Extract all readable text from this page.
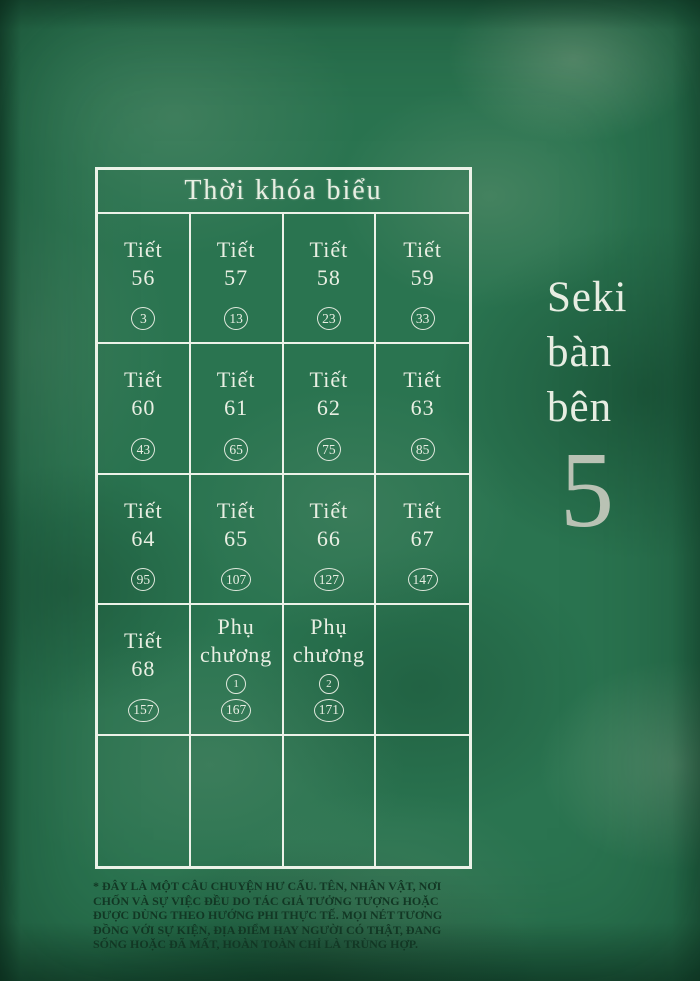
Thời khóa biểu
Tiết
56
3
Tiết
57
13
Tiết
58
23
Tiết
59
33
Tiết
60
43
Tiết
61
65
Tiết
62
75
Tiết
63
85
Tiết
64
95
Tiết
65
107
Tiết
66
127
Tiết
67
147
Tiết
68
157
Phụ
chương
1
167
Phụ
chương
2
171
Seki
bàn
bên
5
* ĐÂY LÀ MỘT CÂU CHUYỆN HƯ CẤU. TÊN, NHÂN VẬT, NƠI CHỐN VÀ SỰ VIỆC ĐỀU DO TÁC GIẢ TƯỞNG TƯỢNG HOẶC ĐƯỢC DÙNG THEO HƯỚNG PHI THỰC TẾ. MỌI NÉT TƯƠNG ĐỒNG VỚI SỰ KIỆN, ĐỊA ĐIỂM HAY NGƯỜI CÓ THẬT, ĐANG SỐNG HOẶC ĐÃ MẤT, HOÀN TOÀN CHỈ LÀ TRÙNG HỢP.
